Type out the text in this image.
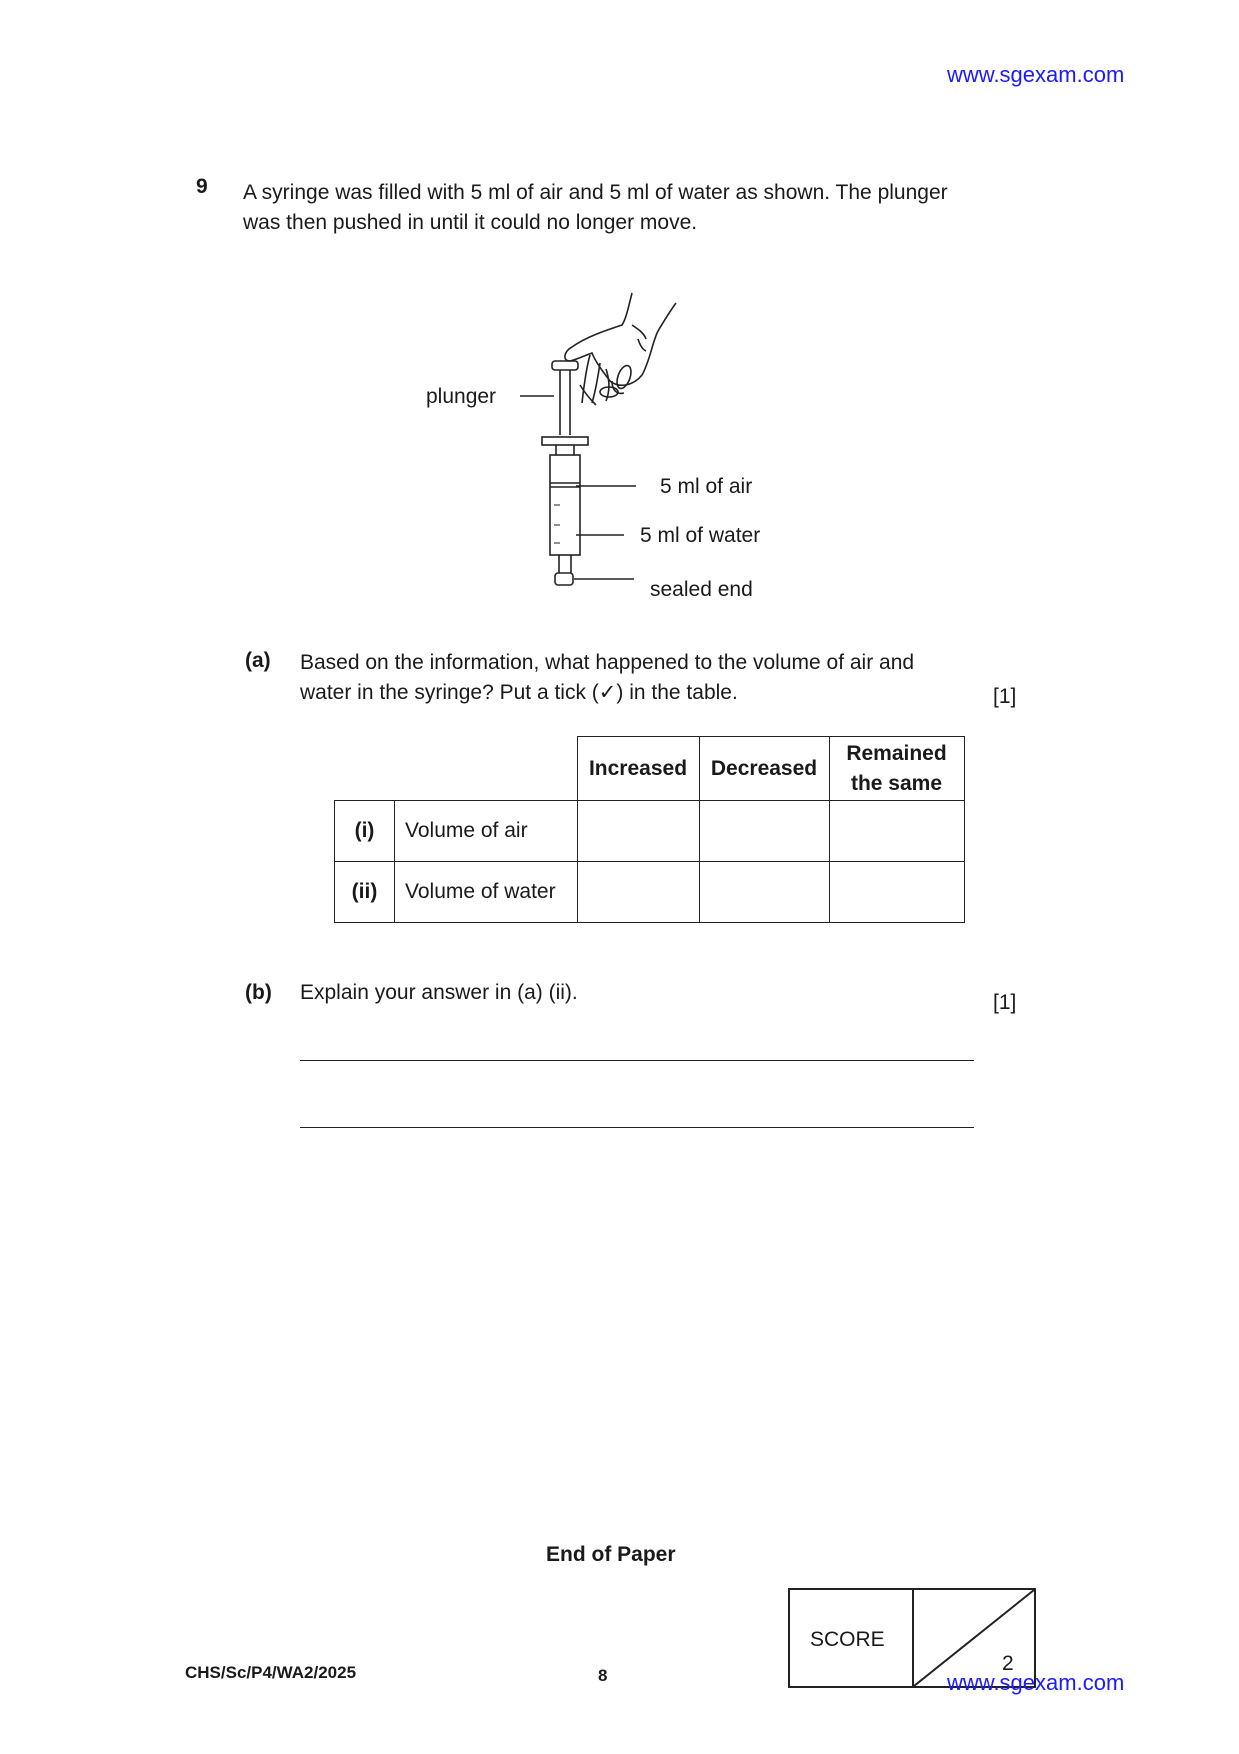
www.sgexam.com
9 A syringe was filled with 5 ml of air and 5 ml of water as shown. The plunger
was then pushed in until it could no longer move.
plunger
5 ml of air
5 ml of water
sealed end
(a) Based on the information, what happened to the volume of air and
water in the syringe? Put a tick (✓) in the table.	[1]
		Increased	Decreased	Remained
the same

(i)	Volume of air			
(ii)	Volume of water			
(b) Explain your answer in (a) (ii).	[1]
End of Paper
CHS/Sc/P4/WA2/2025	8
SCORE
2
www.sgexam.com
